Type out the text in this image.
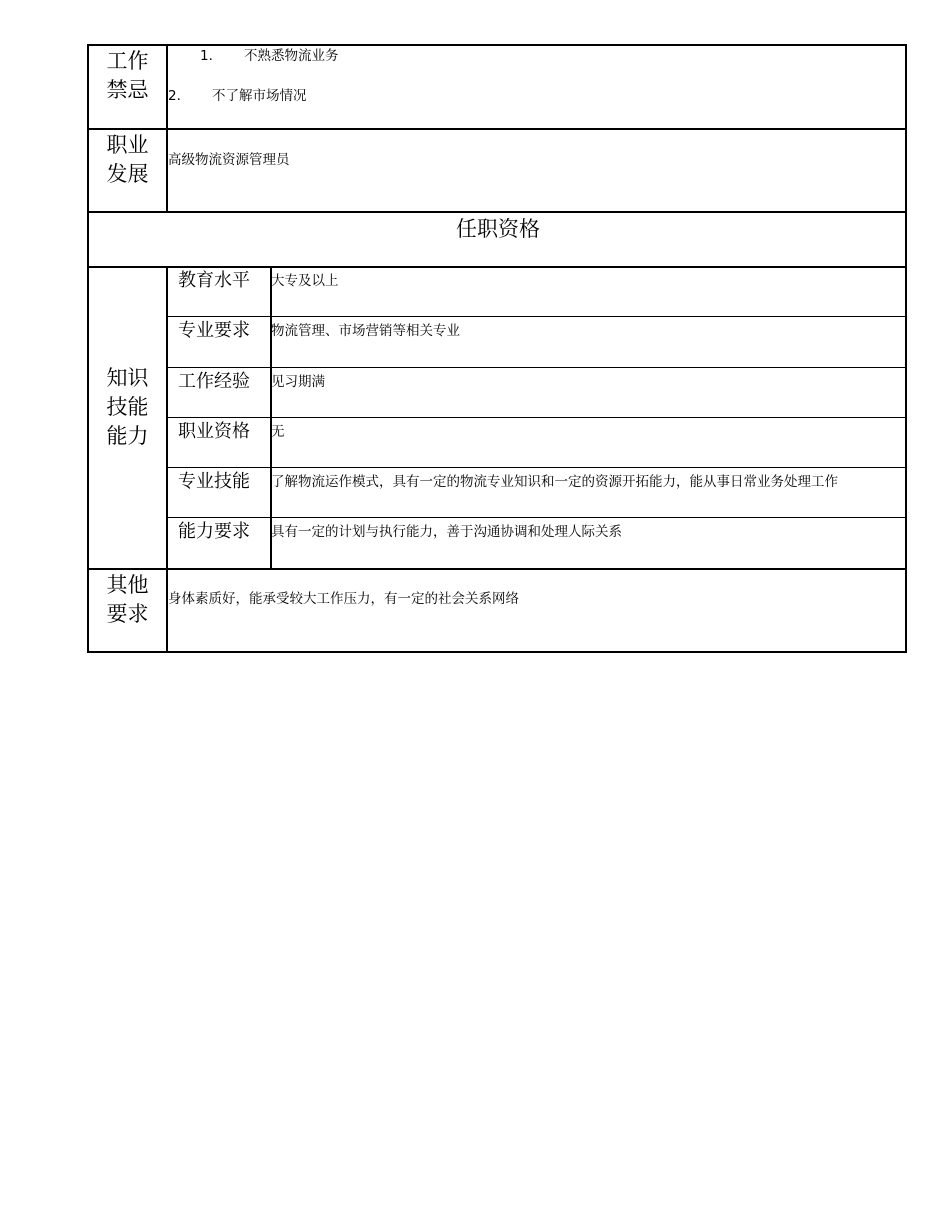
工作
禁忌
1. 不熟悉物流业务
2. 不了解市场情况
职业
发展
高级物流资源管理员
任职资格
知识
技能
能力
教育水平 大专及以上
专业要求 物流管理、市场营销等相关专业
工作经验 见习期满
职业资格 无
专业技能 了解物流运作模式，具有一定的物流专业知识和一定的资源开拓能力，能从事日常业务处理工作
能力要求 具有一定的计划与执行能力，善于沟通协调和处理人际关系
其他
要求
身体素质好，能承受较大工作压力，有一定的社会关系网络
